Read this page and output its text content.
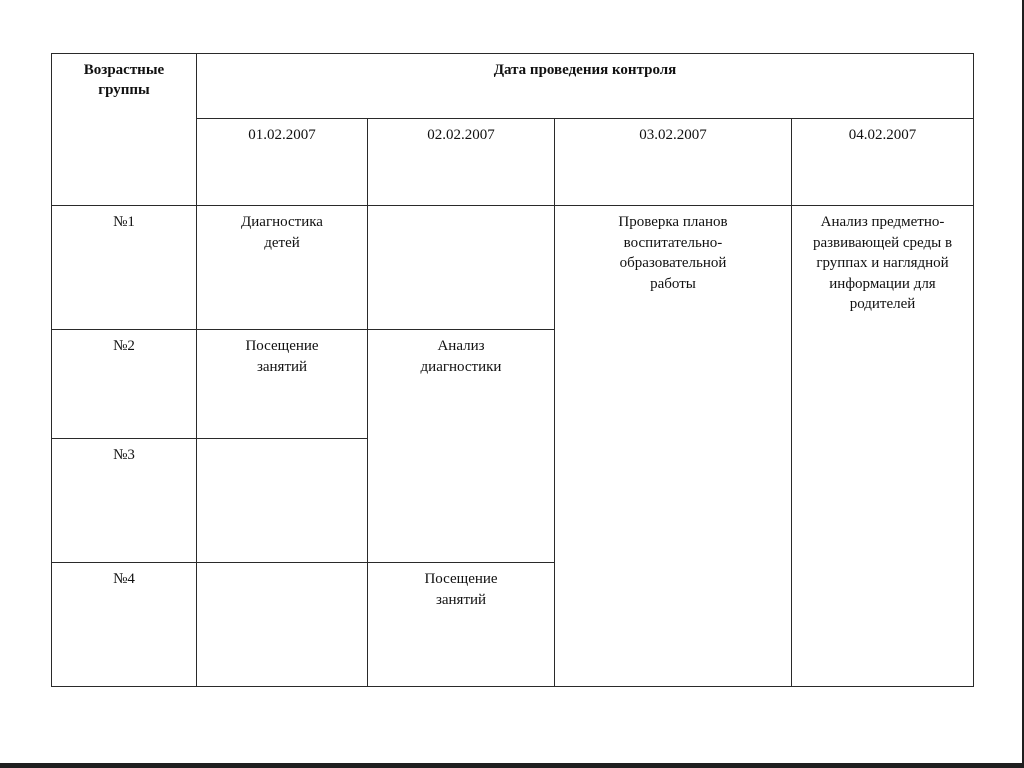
Возрастные группы	Дата проведения контроля			

	01.02.2007	02.02.2007	03.02.2007	04.02.2007

№1	Диагностика детей		Проверка планов воспитательно-образовательной работы	Анализ предметно-развивающей среды в группах и наглядной информации для родителей

№2	Посещение занятий	Анализ диагностики		

№3				

№4		Посещение занятий		
